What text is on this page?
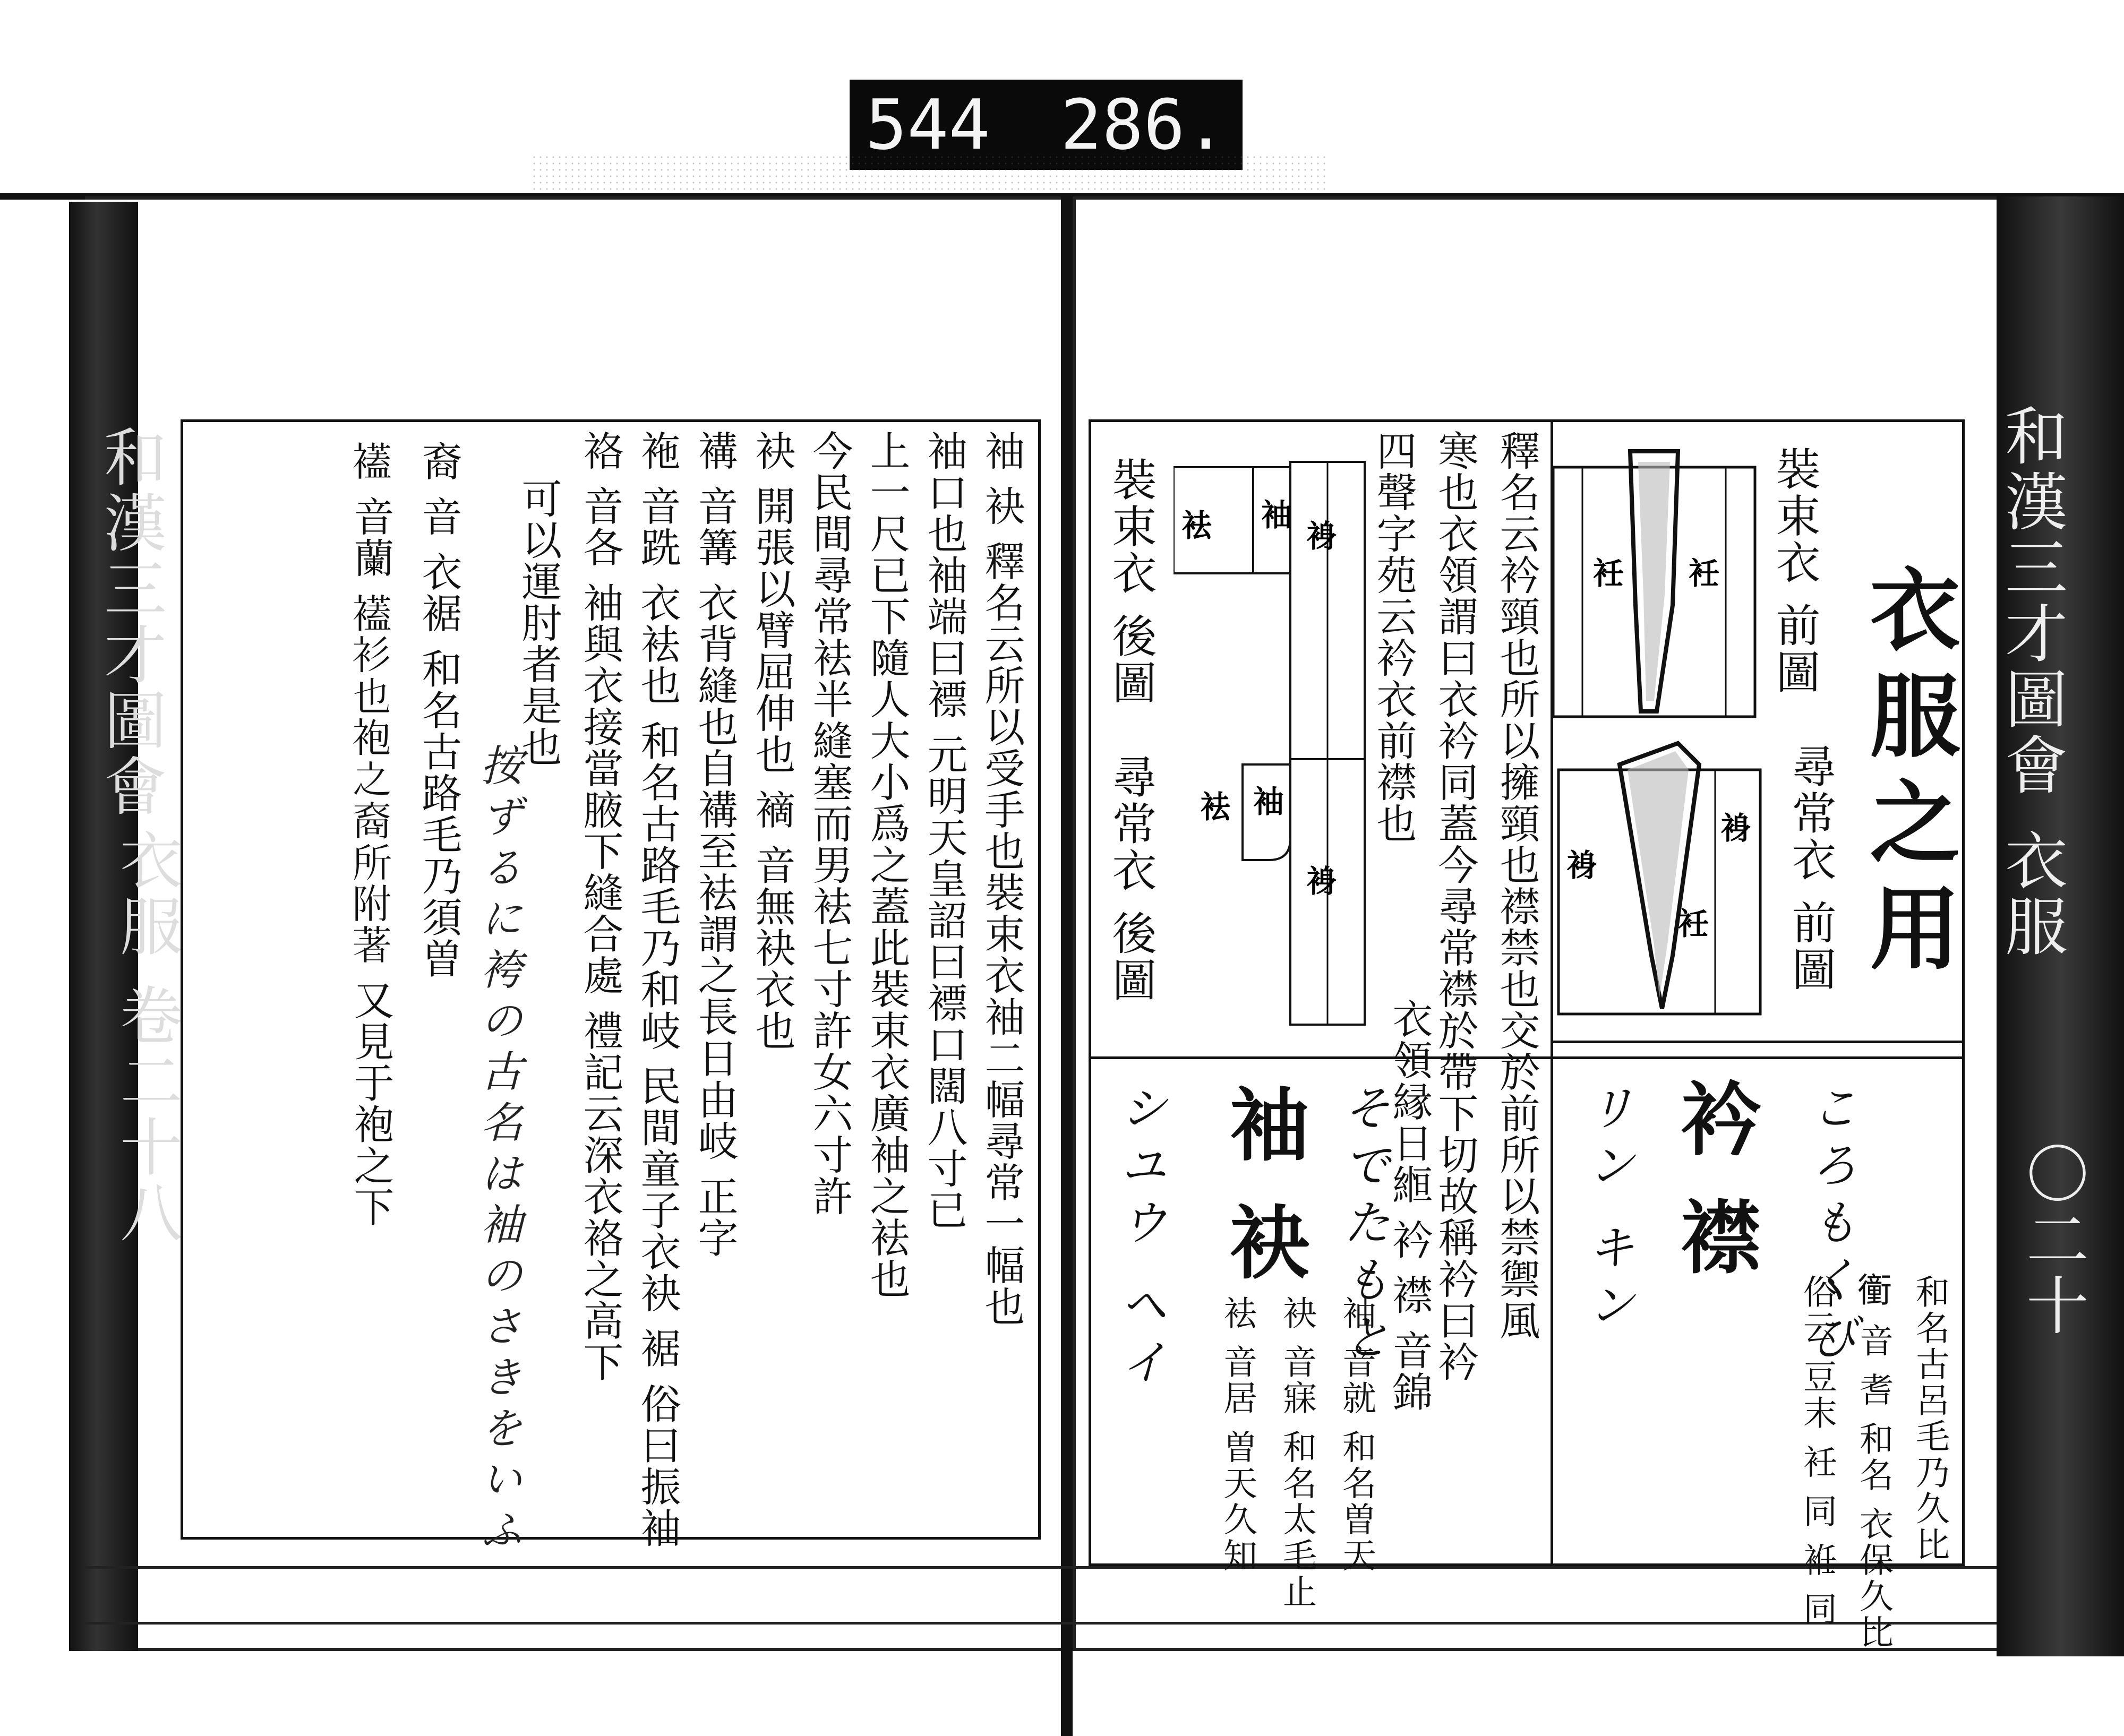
544 286.
和漢三才圖會
衣服 卷二十八	〇二十
和漢三才圖會
衣服
衣服之用
裝束衣 前圖
尋常衣 前圖
裝束衣 後圖
尋常衣 後圖
衽 衽
裑
裑
衽
袪 袖
裑
袪 袖
裑
衿 襟
リン キン	ころもくび
釋名云衿頸也所以擁頸也襟禁也交於前所以禁禦風
寒也衣領謂曰衣衿同蓋今尋常襟於帶下切故稱衿曰衿
四聲字苑云衿衣前襟也
衣領縁日縆 衿 襟 音錦
和名古呂毛乃久比
𧘂 音 䎛 和名 衣保久比
俗云 豆末 衽 同 袵 同
袖 袂
シユウ ヘイ	そでたもと
袖 音就 和名曽天
袂 音寐 和名太毛止
袪 音居 曽天久知
袖 袂 釋名云所以受手也裝束衣袖二幅尋常一幅也
袖口也袖端曰褾 元明天皇詔曰褾口闊八寸已
上一尺已下隨人大小爲之蓋此裝束衣廣袖之袪也
今民間尋常袪半縫塞而男袪七寸許女六寸許
袂 開張以臂屈伸也 䙗 音無袂衣也
褠 音篝 衣背縫也自褠至袪謂之長日由岐 正字
袘 音跣 衣袪也 和名古路毛乃和岐 民間童子衣袂 裾 俗曰振袖
袼 音各 袖與衣接當腋下縫合處 禮記云深衣袼之高下
可以運肘者是也
按ずるに袴の古名は袖のさきをいふ
裔 音 衣裾 和名古路毛乃須曽
𧞔 音蘭 𧞔衫也袍之裔所附著 又見于袍之下
